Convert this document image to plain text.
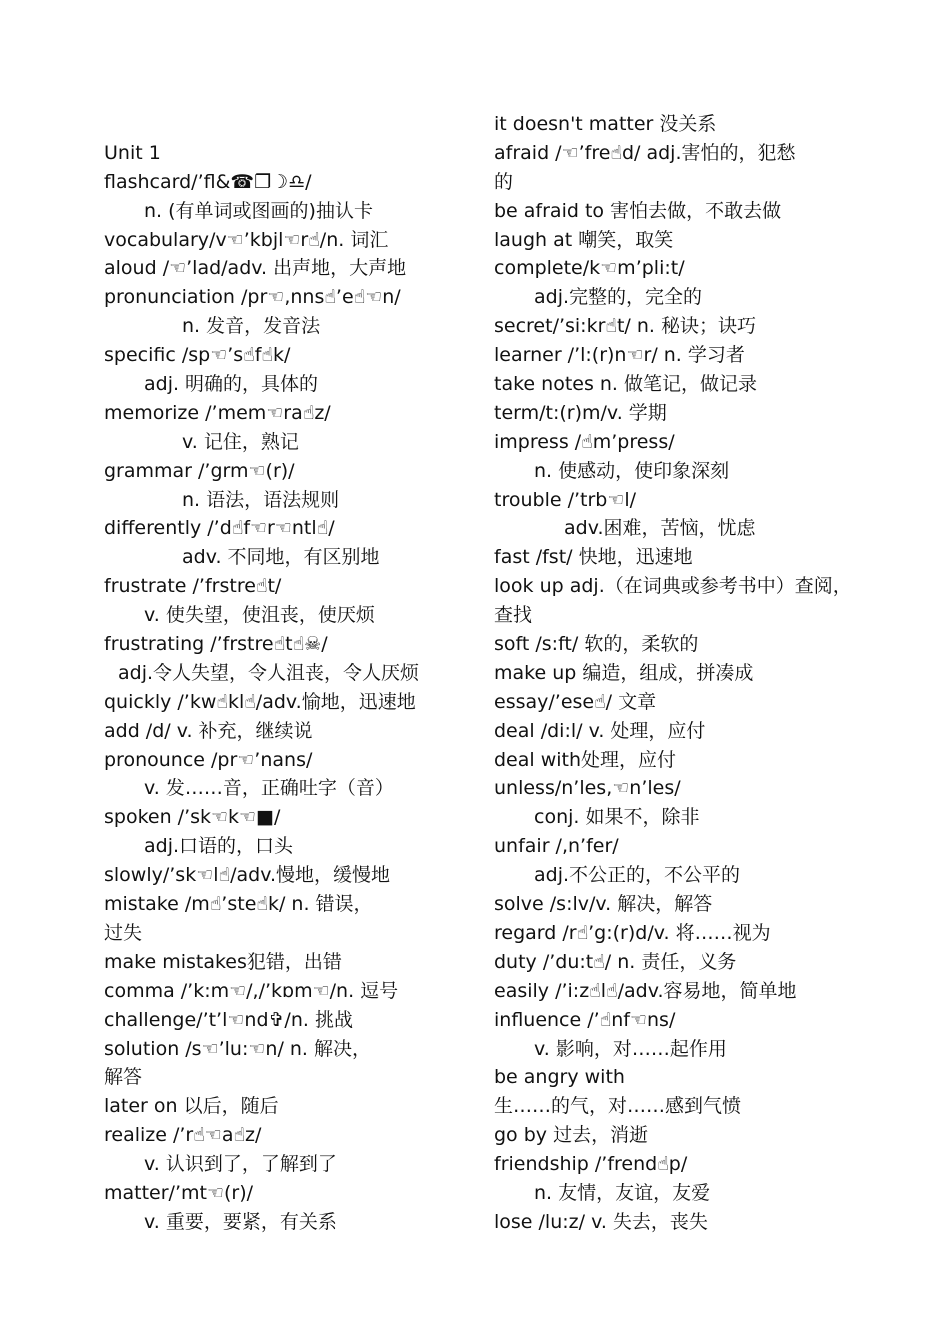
Unit 1
flashcard/’fl⁠⁠&⁠⁠⁠☎❐☽♎/
n. (有单词或图画的)抽认卡
vocabulary/v☜’k⁠bj⁠l☜r☝/n. 词汇
aloud /☜’la⁠d/adv. 出声地，大声地
pronunciation /pr☜,n⁠ns☝’e☝⁠☜n/
n. 发音，发音法
specific /sp☜’s☝f☝k/
adj. 明确的，具体的
memorize /’mem☜ra☝z/
v. 记住，熟记
grammar /’gr⁠m☜(r)/
n. 语法，语法规则
differently /’d☝f☜r☜ntl☝/
adv. 不同地，有区别地
frustrate /’fr⁠stre☝t/
v. 使失望，使沮丧，使厌烦
frustrating /’fr⁠stre☝t☝☠/
adj.令人失望，令人沮丧，令人厌烦
quickly /’kw☝kl☝/adv.愉地，迅速地
add /⁠d/ v. 补充，继续说
pronounce /pr☜’na⁠ns/
v. 发……音，正确吐字（音）
spoken /’sk☜⁠k☜■/
adj.口语的，口头
slowly/’sk☜⁠l☝/adv.慢地，缓慢地
mistake /m☝’ste☝k/ n. 错误，
过失
make mistakes犯错，出错
comma /’k⁠:m☜/,/’kɒm☜/n. 逗号
challenge/’t⁠’⁠l☜nd✞/n. 挑战
solution /s☜’lu:⁠☜n/ n. 解决，
解答
later on 以后，随后
realize /’r☝☜a☝z/
v. 认识到了，了解到了
matter/’m⁠t☜(r)/
v. 重要，要紧，有关系
it doesn't matter 没关系
afraid /☜’fre☝d/ adj.害怕的，犯愁
的
be afraid to 害怕去做，不敢去做
laugh at 嘲笑，取笑
complete/k☜m’pli:t/
adj.完整的，完全的
secret/’si:kr☝t/ n. 秘诀；诀巧
learner /’l⁠:(r)n☜r/ n. 学习者
take notes n. 做笔记，做记录
term/t⁠:(r)m/v. 学期
impress /☝m’press/
n. 使感动，使印象深刻
trouble /’trb☜l/
adv.困难，苦恼，忧虑
fast /f⁠st/ 快地，迅速地
look up adj.（在词典或参考书中）查阅，
查找
soft /s⁠:ft/ 软的，柔软的
make up 编造，组成，拼凑成
essay/’ese☝/ 文章
deal /di:l/ v. 处理，应付
deal with处理，应付
unless/⁠n’les,☜n’les/
conj. 如果不，除非
unfair /,⁠n’fer/
adj.不公正的，不公平的
solve /s⁠:lv/v. 解决，解答
regard /r☝’g⁠:(r)d/v. 将……视为
duty /’du:t☝/ n. 责任，义务
easily /’i:z☝l☝/adv.容易地，简单地
influence /’☝nf⁠☜ns/
v. 影响，对……起作用
be angry with
生……的气，对……感到气愤
go by 过去，消逝
friendship /’frend⁠☝p/
n. 友情，友谊，友爱
lose /lu:z/ v. 失去，丧失
